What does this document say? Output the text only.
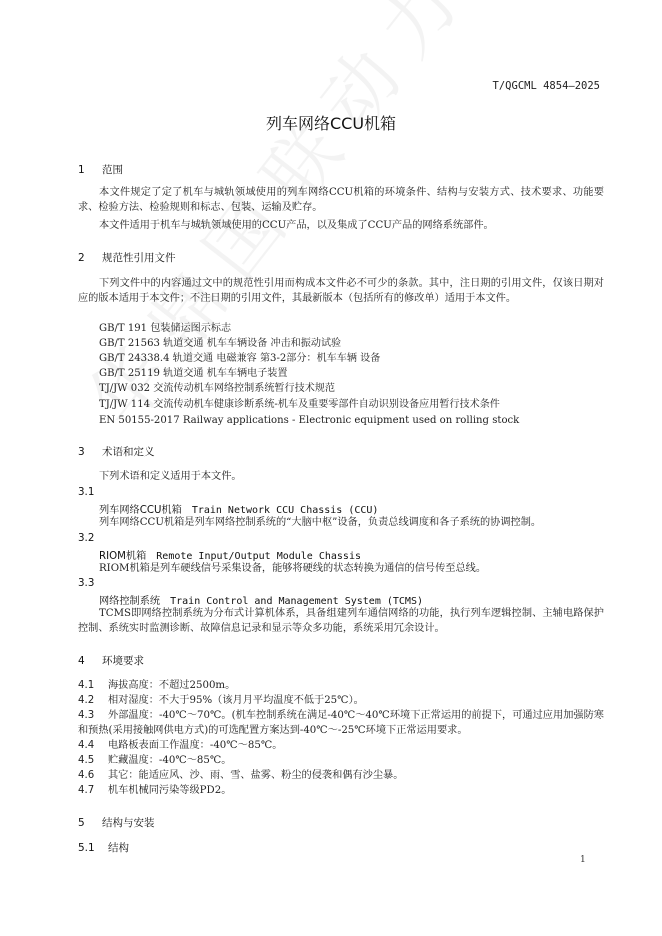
T/QGCML 4854—2025
列车网络CCU机箱
1 范围
本文件规定了定了机车与城轨领域使用的列车网络CCU机箱的环境条件、结构与安装方式、技术要求、功能要求、检验方法、检验规则和标志、包装、运输及贮存。
本文件适用于机车与城轨领域使用的CCU产品，以及集成了CCU产品的网络系统部件。
2 规范性引用文件
下列文件中的内容通过文中的规范性引用而构成本文件必不可少的条款。其中，注日期的引用文件，仅该日期对应的版本适用于本文件；不注日期的引用文件，其最新版本（包括所有的修改单）适用于本文件。
GB/T 191 包装储运图示标志
GB/T 21563 轨道交通 机车车辆设备 冲击和振动试验
GB/T 24338.4 轨道交通 电磁兼容 第3-2部分：机车车辆 设备
GB/T 25119 轨道交通 机车车辆电子装置
TJ/JW 032 交流传动机车网络控制系统暂行技术规范
TJ/JW 114 交流传动机车健康诊断系统-机车及重要零部件自动识别设备应用暂行技术条件
EN 50155-2017 Railway applications - Electronic equipment used on rolling stock
3 术语和定义
下列术语和定义适用于本文件。
3.1
列车网络CCU机箱 Train Network CCU Chassis (CCU)
列车网络CCU机箱是列车网络控制系统的“大脑中枢”设备，负责总线调度和各子系统的协调控制。
3.2
RIOM机箱 Remote Input/Output Module Chassis
RIOM机箱是列车硬线信号采集设备，能够将硬线的状态转换为通信的信号传至总线。
3.3
网络控制系统 Train Control and Management System (TCMS)
TCMS即网络控制系统为分布式计算机体系，具备组建列车通信网络的功能，执行列车逻辑控制、主辅电路保护控制、系统实时监测诊断、故障信息记录和显示等众多功能，系统采用冗余设计。
4 环境要求
4.1 海拔高度：不超过2500m。
4.2 相对湿度：不大于95%（该月月平均温度不低于25℃）。
4.3 外部温度：-40℃～70℃。(机车控制系统在满足-40℃～40℃环境下正常运用的前提下，可通过应用加强防寒和预热(采用接触网供电方式)的可选配置方案达到-40℃～-25℃环境下正常运用要求。
4.4 电路板表面工作温度：-40℃～85℃。
4.5 贮藏温度：-40℃～85℃。
4.6 其它：能适应风、沙、雨、雪、盐雾、粉尘的侵袭和偶有沙尘暴。
4.7 机车机械同污染等级PD2。
5 结构与安装
5.1 结构
1
